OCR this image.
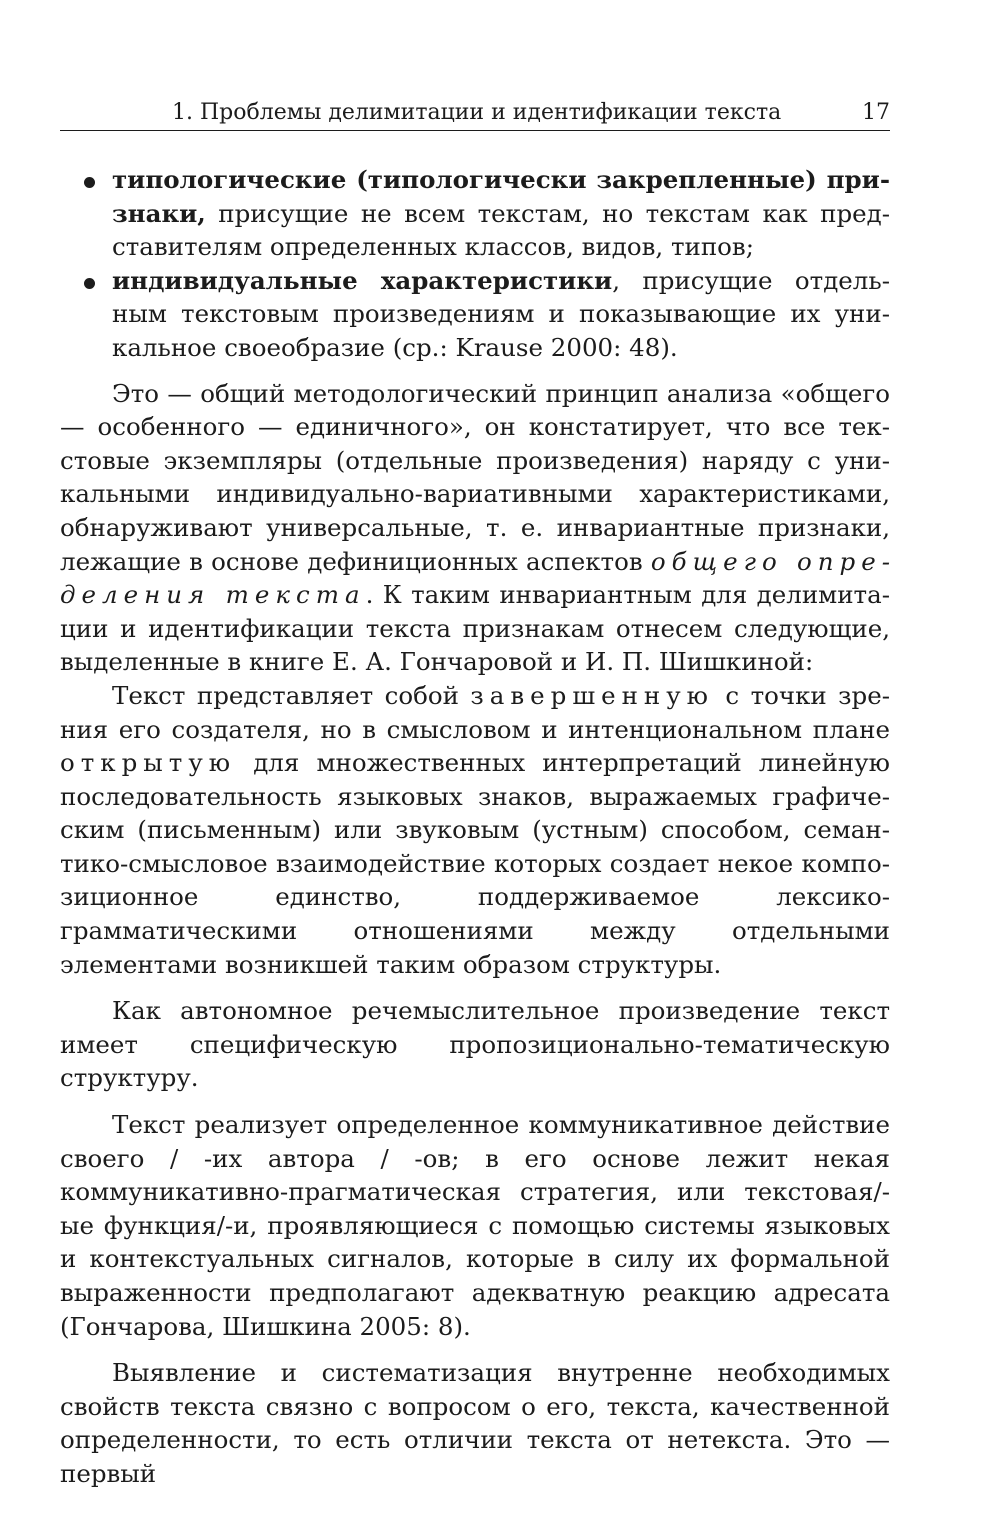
1. Проблемы делимитации и идентификации текста	17
типологические (типологически закрепленные) признаки, присущие не всем текстам, но текстам как представителям определенных классов, видов, типов;
индивидуальные характеристики, присущие отдельным текстовым произведениям и показывающие их уникальное своеобразие (ср.: Krause 2000: 48).

Это — общий методологический принцип анализа «общего — особенного — единичного», он констатирует, что все текстовые экземпляры (отдельные произведения) наряду с уникальными индивидуально-вариативными характеристиками, обнаруживают универсальные, т. е. инвариантные признаки, лежащие в основе дефиниционных аспектов общего определения текста. К таким инвариантным для делимитации и идентификации текста признакам отнесем следующие, выделенные в книге Е. А. Гончаровой и И. П. Шишкиной:

Текст представляет собой завершенную с точки зрения его создателя, но в смысловом и интенциональном плане открытую для множественных интерпретаций линейную последовательность языковых знаков, выражаемых графическим (письменным) или звуковым (устным) способом, семантико-смысловое взаимодействие которых создает некое композиционное единство, поддерживаемое лексико-грамматическими отношениями между отдельными элементами возникшей таким образом структуры.

Как автономное речемыслительное произведение текст имеет специфическую пропозиционально-тематическую структуру.

Текст реализует определенное коммуникативное действие своего / -их автора / -ов; в его основе лежит некая коммуникативно-прагматическая стратегия, или текстовая/-ые функция/-и, проявляющиеся с помощью системы языковых и контекстуальных сигналов, которые в силу их формальной выраженности предполагают адекватную реакцию адресата (Гончарова, Шишкина 2005: 8).

Выявление и систематизация внутренне необходимых свойств текста связно с вопросом о его, текста, качественной определенности, то есть отличии текста от нетекста. Это — первый
